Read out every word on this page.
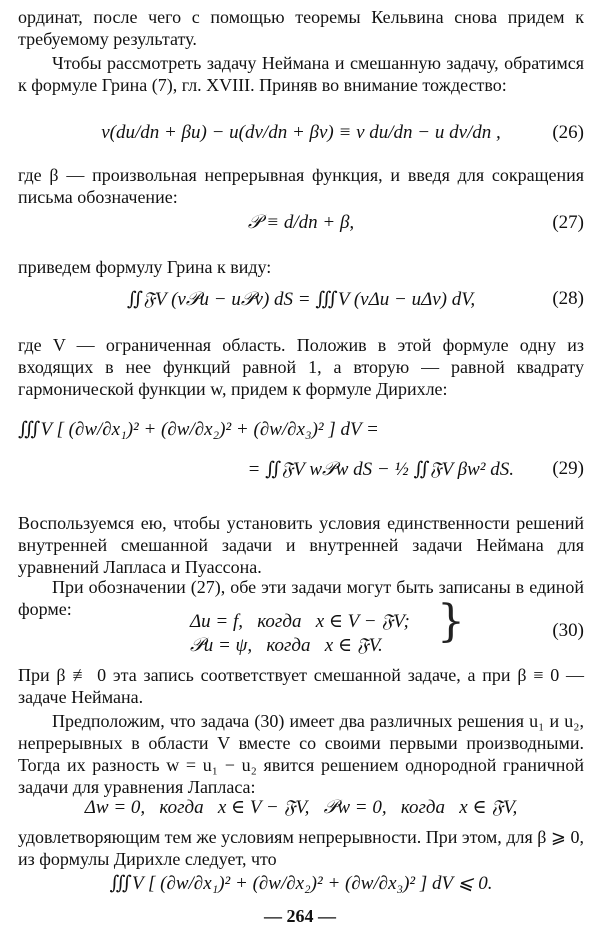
ординат, после чего с помощью теоремы Кельвина снова придем к требуемому результату.
Чтобы рассмотреть задачу Неймана и смешанную задачу, обратимся к формуле Грина (7), гл. XVIII. Приняв во внимание тождество:
v(du/dn + βu) − u(dv/dn + βv) ≡ v du/dn − u dv/dn ,	(26)
где β — произвольная непрерывная функция, и введя для сокращения письма обозначение:
𝒫 ≡ d/dn + β,	(27)
приведем формулу Грина к виду:
∬𝔉V (v𝒫u − u𝒫v) dS = ∭V (vΔu − uΔv) dV,	(28)
где V — ограниченная область. Положив в этой формуле одну из входящих в нее функций равной 1, а вторую — равной квадрату гармонической функции w, придем к формуле Дирихле:
∭V [ (∂w/∂x₁)² + (∂w/∂x₂)² + (∂w/∂x₃)² ] dV =
= ∬𝔉V w𝒫w dS − ½ ∬𝔉V βw² dS. (29)
Воспользуемся ею, чтобы установить условия единственности решений внутренней смешанной задачи и внутренней задачи Неймана для уравнений Лапласа и Пуассона.
При обозначении (27), обе эти задачи могут быть записаны в единой форме:
Δu = f,   когда   x ∈ V − 𝔉V;
𝒫u = ψ,   когда   x ∈ 𝔉V. }	(30)
При β ≢ 0 эта запись соответствует смешанной задаче, а при β ≡ 0 — задаче Неймана.
Предположим, что задача (30) имеет два различных решения u₁ и u₂, непрерывных в области V вместе со своими первыми производными. Тогда их разность w = u₁ − u₂ явится решением однородной граничной задачи для уравнения Лапласа:
Δw = 0,   когда   x ∈ V − 𝔉V,   𝒫w = 0,   когда   x ∈ 𝔉V,
удовлетворяющим тем же условиям непрерывности. При этом, для β ⩾ 0, из формулы Дирихле следует, что
∭V [ (∂w/∂x₁)² + (∂w/∂x₂)² + (∂w/∂x₃)² ] dV ⩽ 0.
— 264 —
